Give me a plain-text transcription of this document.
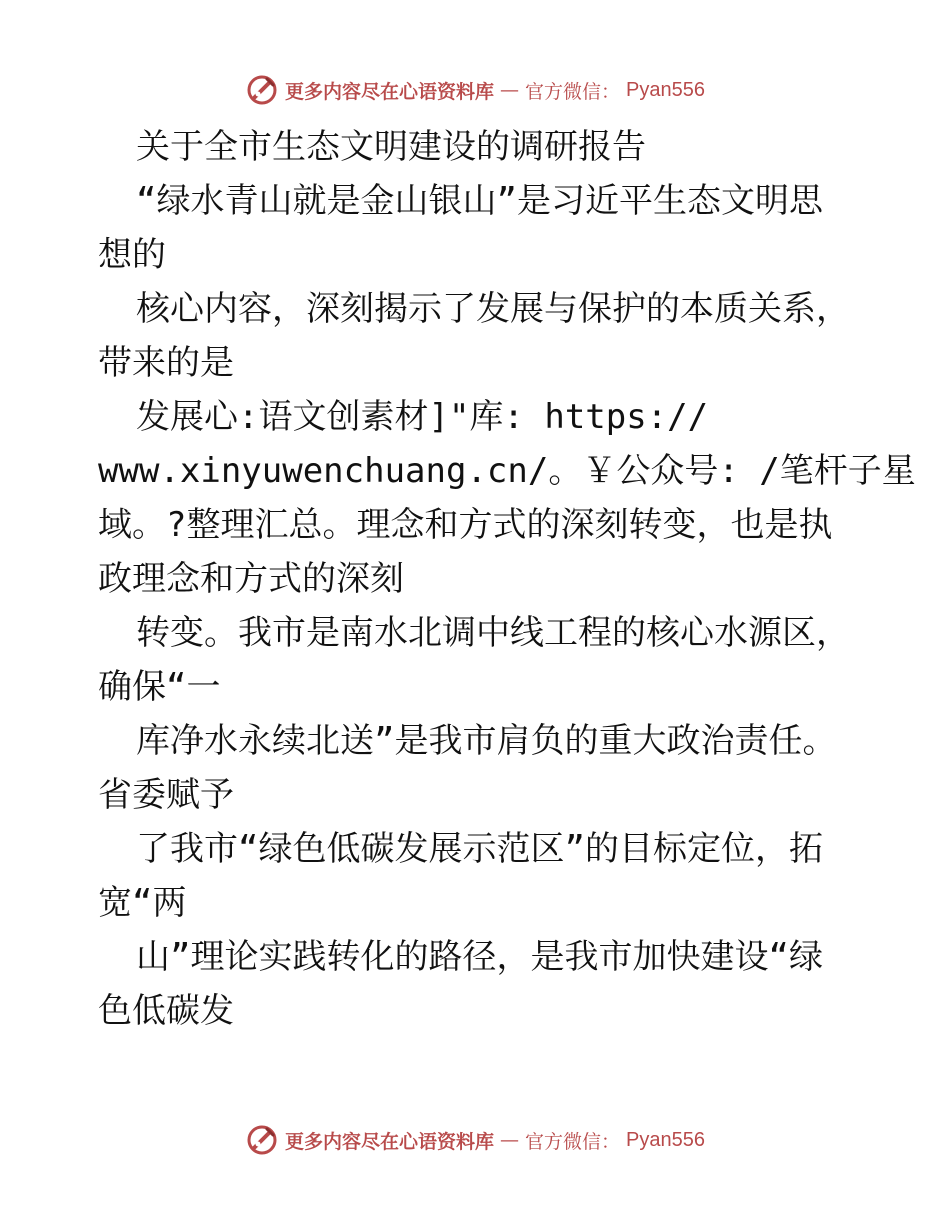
更多内容尽在心语资料库 — 官方微信： Pyan556
关于全市生态文明建设的调研报告
“绿水青山就是金山银山”是习近平生态文明思
想的
核心内容，深刻揭示了发展与保护的本质关系，
带来的是
发展心:语文创素材]"库: https://
www.xinyuwenchuang.cn/。￥公众号: /笔杆子星
域。?整理汇总。理念和方式的深刻转变，也是执
政理念和方式的深刻
转变。我市是南水北调中线工程的核心水源区，
确保“一
库净水永续北送”是我市肩负的重大政治责任。
省委赋予
了我市“绿色低碳发展示范区”的目标定位，拓
宽“两
山”理论实践转化的路径，是我市加快建设“绿
色低碳发
更多内容尽在心语资料库 — 官方微信： Pyan556
